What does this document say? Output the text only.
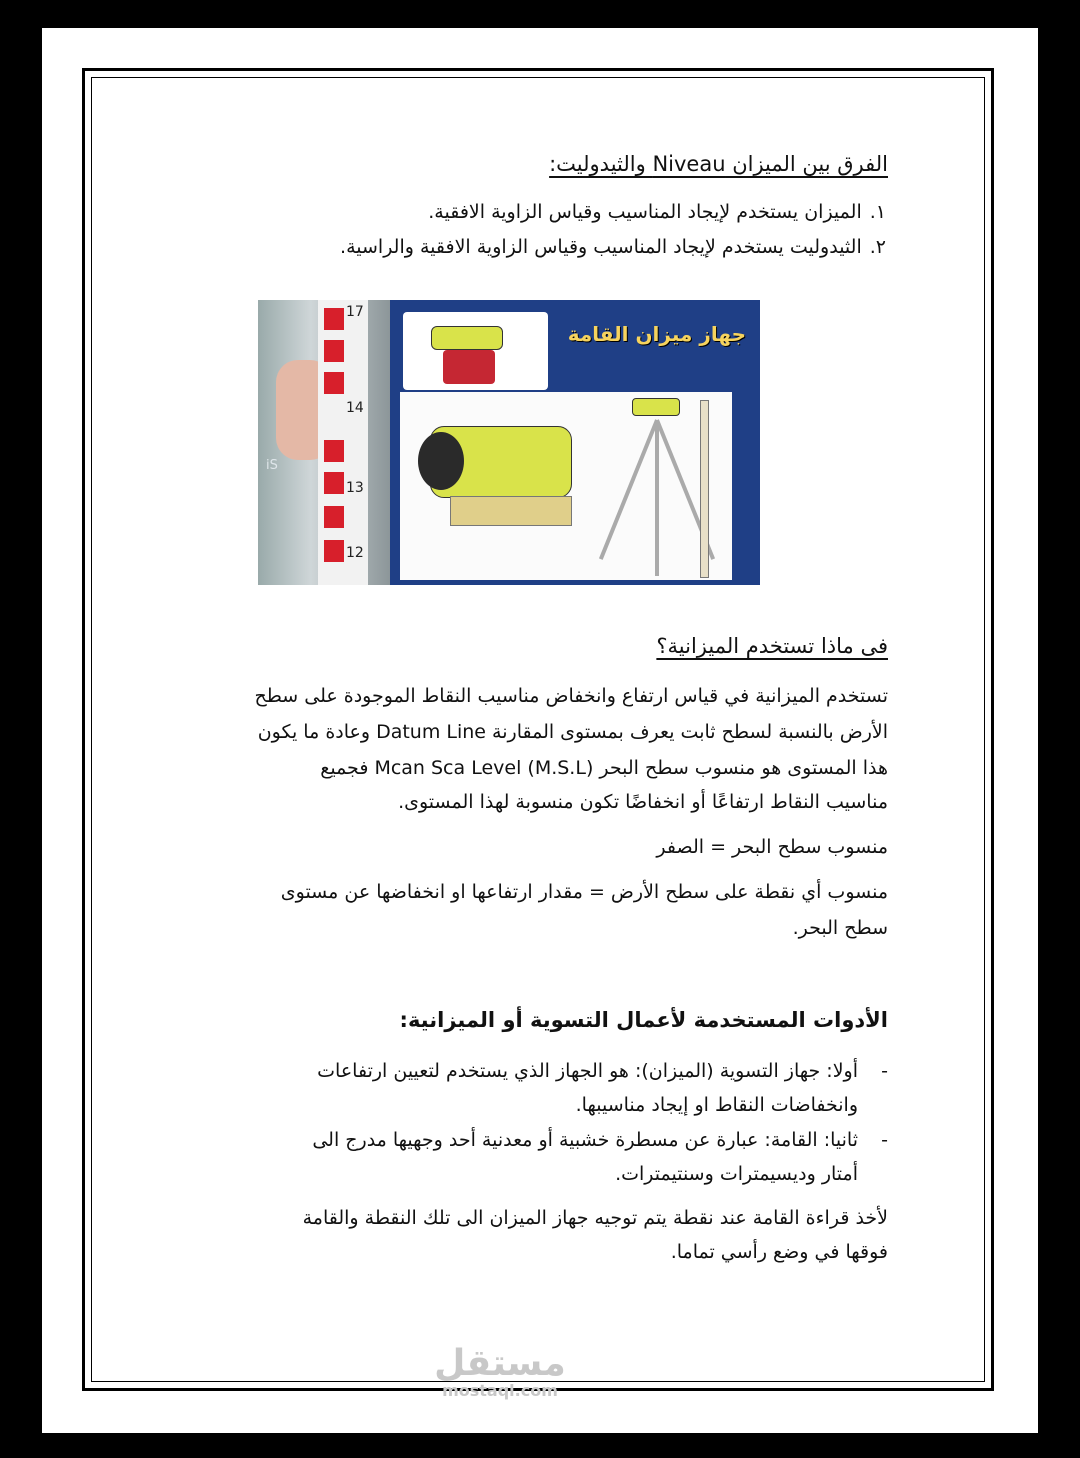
الفرق بين الميزان Niveau والثيدوليت:
١.الميزان يستخدم لإيجاد المناسيب وقياس الزاوية الافقية.
٢.الثيدوليت يستخدم لإيجاد المناسيب وقياس الزاوية الافقية والراسية.
17
14
13
12
iS
جهاز ميزان القامة
فى ماذا تستخدم الميزانية؟
تستخدم الميزانية في قياس ارتفاع وانخفاض مناسيب النقاط الموجودة على سطح
الأرض بالنسبة لسطح ثابت يعرف بمستوى المقارنة Datum Line وعادة ما يكون
هذا المستوى هو منسوب سطح البحر (M.S.L) Mcan Sca Level فجميع
مناسيب النقاط ارتفاعًا أو انخفاضًا تكون منسوبة لهذا المستوى.
منسوب سطح البحر = الصفر
منسوب أي نقطة على سطح الأرض = مقدار ارتفاعها او انخفاضها عن مستوى
سطح البحر.
الأدوات المستخدمة لأعمال التسوية أو الميزانية:
-
أولا: جهاز التسوية (الميزان): هو الجهاز الذي يستخدم لتعيين ارتفاعات
وانخفاضات النقاط او إيجاد مناسيبها.
-
ثانيا: القامة: عبارة عن مسطرة خشبية أو معدنية أحد وجهيها مدرج الى
أمتار وديسيمترات وسنتيمترات.
لأخذ قراءة القامة عند نقطة يتم توجيه جهاز الميزان الى تلك النقطة والقامة
فوقها في وضع رأسي تماما.
مستقل
mostaql.com
